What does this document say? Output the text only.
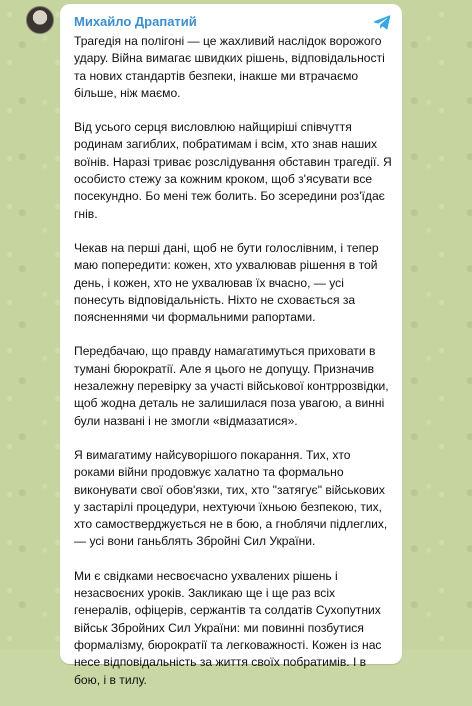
Михайло Драпатий

Трагедія на полігоні — це жахливий наслідок ворожого удару. Війна вимагає швидких рішень, відповідальності та нових стандартів безпеки, інакше ми втрачаємо більше, ніж маємо.

Від усього серця висловлюю найщиріші співчуття родинам загиблих, побратимам і всім, хто знав наших воїнів. Наразі триває розслідування обставин трагедії. Я особисто стежу за кожним кроком, щоб з'ясувати все посекундно. Бо мені теж болить. Бо зсередини роз'їдає гнів.

Чекав на перші дані, щоб не бути голослівним, і тепер маю попередити: кожен, хто ухвалював рішення в той день, і кожен, хто не ухвалював їх вчасно, — усі понесуть відповідальність. Ніхто не сховається за поясненнями чи формальними рапортами.

Передбачаю, що правду намагатимуться приховати в тумані бюрократії. Але я цього не допущу. Призначив незалежну перевірку за участі військової контррозвідки, щоб жодна деталь не залишилася поза увагою, а винні були названі і не змогли «відмазатися».

Я вимагатиму найсуворішого покарання. Тих, хто роками війни продовжує халатно та формально виконувати свої обов'язки, тих, хто "затягує" військових у застарілі процедури, нехтуючи їхньою безпекою, тих, хто самостверджується не в бою, а гноблячи підлеглих, — усі вони ганьблять Збройні Сил України.

Ми є свідками несвоєчасно ухвалених рішень і незасвоєних уроків. Закликаю ще і ще раз всіх генералів, офіцерів, сержантів та солдатів Сухопутних військ Збройних Сил України: ми повинні позбутися формалізму, бюрократії та легковажності. Кожен із нас несе відповідальність за життя своїх побратимів. І в бою, і в тилу.
